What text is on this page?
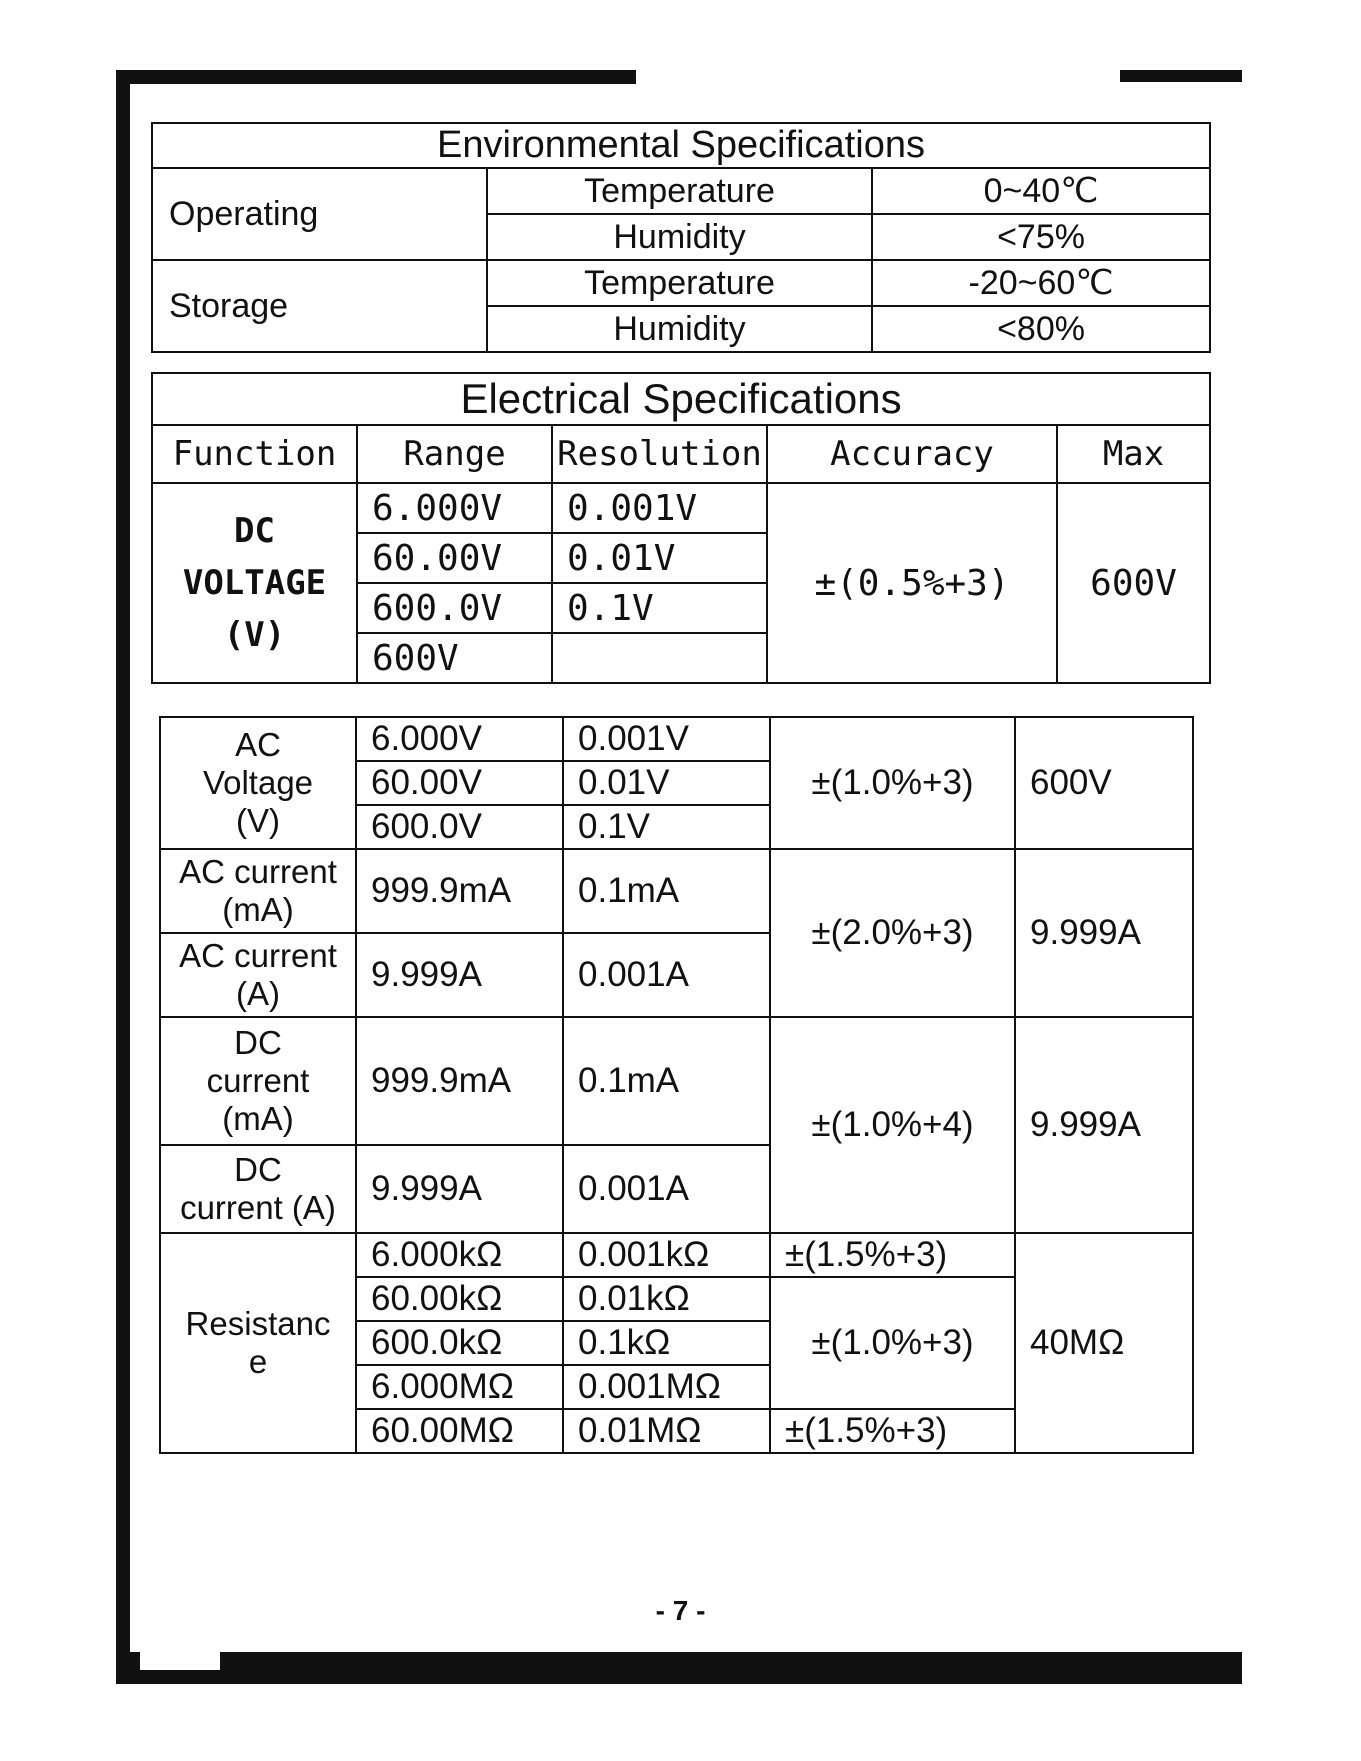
Environmental Specifications		
Operating	Temperature	0~40℃
	Humidity	<75%
Storage	Temperature	-20~60℃
	Humidity	<80%
Electrical Specifications				
Function	Range	Resolution	Accuracy	Max

DC
VOLTAGE
(V)	6.000V	0.001V	±(0.5%+3)	600V
	60.00V	0.01V		
	600.0V	0.1V		
	600V			
AC
Voltage
(V)	6.000V	0.001V	±(1.0%+3)	600V
	60.00V	0.01V		
	600.0V	0.1V		

AC current
(mA)	999.9mA	0.1mA	±(2.0%+3)	9.999A

AC current
(A)	9.999A	0.001A		

DC
current
(mA)	999.9mA	0.1mA	±(1.0%+4)	9.999A

DC
current (A)	9.999A	0.001A		

Resistanc
e	6.000kΩ	0.001kΩ	±(1.5%+3)	40MΩ
	60.00kΩ	0.01kΩ	±(1.0%+3)	
	600.0kΩ	0.1kΩ		
	6.000MΩ	0.001MΩ		
	60.00MΩ	0.01MΩ	±(1.5%+3)	
- 7 -
